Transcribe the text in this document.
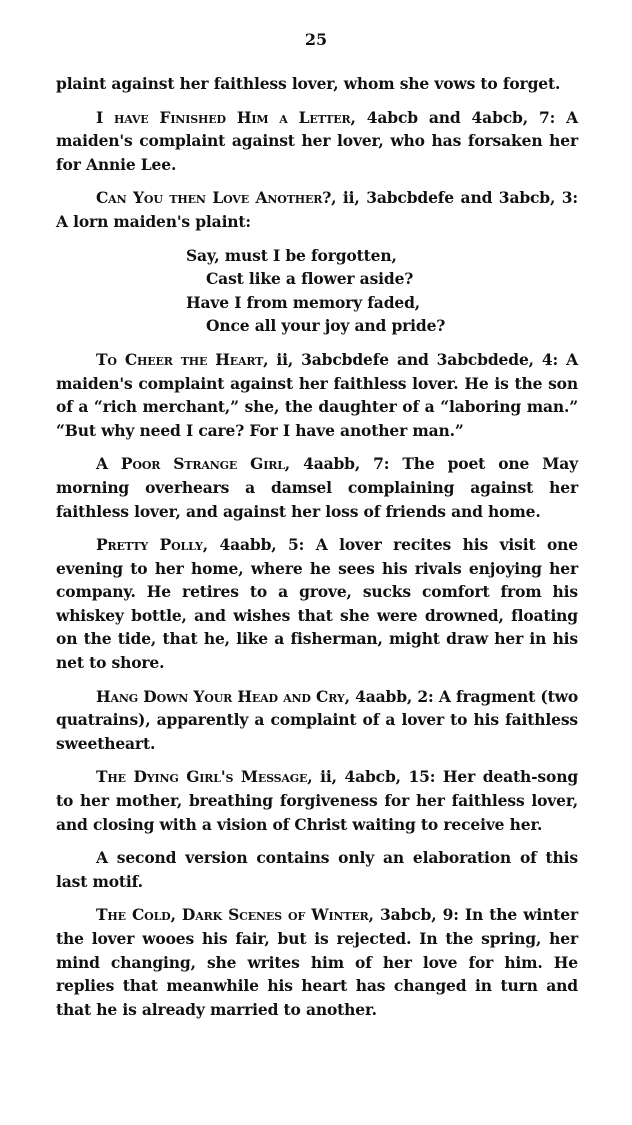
25

plaint against her faithless lover, whom she vows to forget.

I have Finished Him a Letter, 4abcb and 4abcb, 7: A maiden's complaint against her lover, who has forsaken her for Annie Lee.

Can You then Love Another?, ii, 3abcbdefe and 3abcb, 3: A lorn maiden's plaint:

Say, must I be forgotten,
Cast like a flower aside?
Have I from memory faded,
Once all your joy and pride?

To Cheer the Heart, ii, 3abcbdefe and 3abcbdede, 4: A maiden's complaint against her faithless lover. He is the son of a “rich merchant,” she, the daughter of a “laboring man.” “But why need I care? For I have another man.”

A Poor Strange Girl, 4aabb, 7: The poet one May morning overhears a damsel complaining against her faithless lover, and against her loss of friends and home.

Pretty Polly, 4aabb, 5: A lover recites his visit one evening to her home, where he sees his rivals enjoying her company. He retires to a grove, sucks comfort from his whiskey bottle, and wishes that she were drowned, floating on the tide, that he, like a fisherman, might draw her in his net to shore.

Hang Down Your Head and Cry, 4aabb, 2: A fragment (two quatrains), apparently a complaint of a lover to his faithless sweetheart.

The Dying Girl's Message, ii, 4abcb, 15: Her death-song to her mother, breathing forgiveness for her faithless lover, and closing with a vision of Christ waiting to receive her.

A second version contains only an elaboration of this last motif.

The Cold, Dark Scenes of Winter, 3abcb, 9: In the winter the lover wooes his fair, but is rejected. In the spring, her mind changing, she writes him of her love for him. He replies that meanwhile his heart has changed in turn and that he is already married to another.
